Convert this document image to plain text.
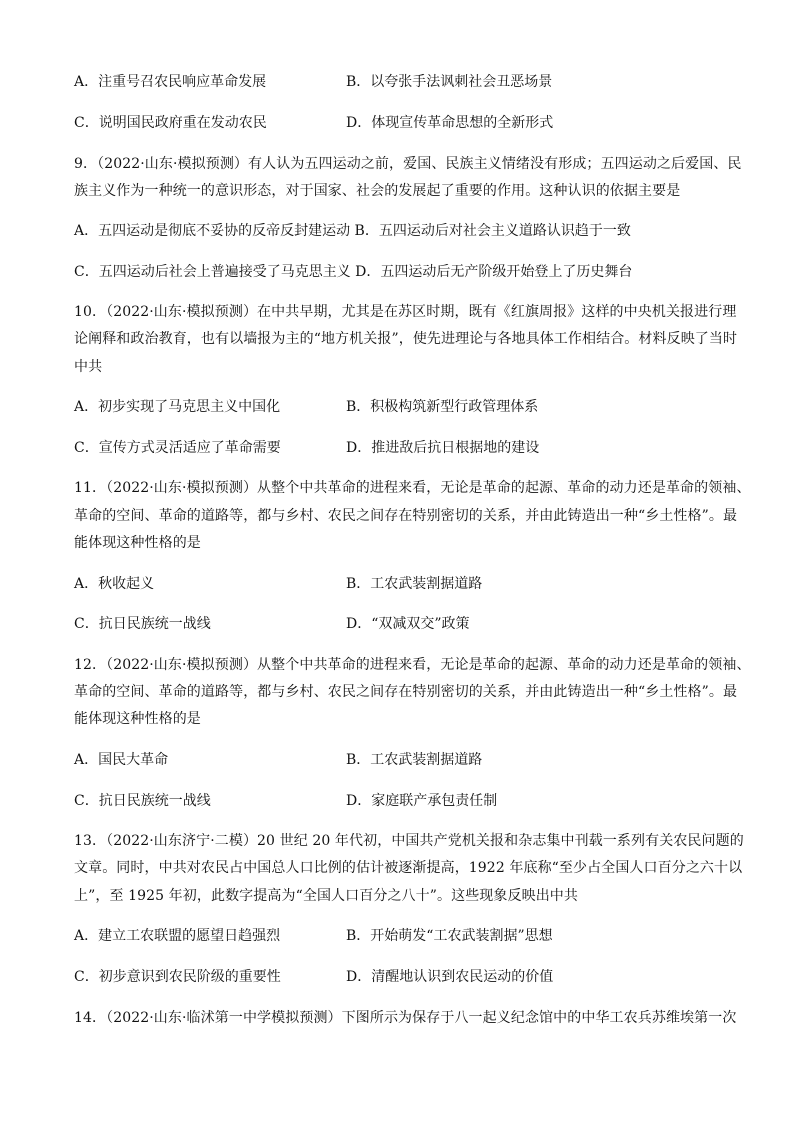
A．注重号召农民响应革命发展	B．以夸张手法讽刺社会丑恶场景
C．说明国民政府重在发动农民	D．体现宣传革命思想的全新形式
9．（2022·山东·模拟预测）有人认为五四运动之前，爱国、民族主义情绪没有形成；五四运动之后爱国、民
族主义作为一种统一的意识形态，对于国家、社会的发展起了重要的作用。这种认识的依据主要是
A．五四运动是彻底不妥协的反帝反封建运动 B．五四运动后对社会主义道路认识趋于一致
C．五四运动后社会上普遍接受了马克思主义 D．五四运动后无产阶级开始登上了历史舞台
10．（2022·山东·模拟预测）在中共早期，尤其是在苏区时期，既有《红旗周报》这样的中央机关报进行理
论阐释和政治教育，也有以墙报为主的“地方机关报”，使先进理论与各地具体工作相结合。材料反映了当时
中共
A．初步实现了马克思主义中国化	B．积极构筑新型行政管理体系
C．宣传方式灵活适应了革命需要	D．推进敌后抗日根据地的建设
11．（2022·山东·模拟预测）从整个中共革命的进程来看，无论是革命的起源、革命的动力还是革命的领袖、
革命的空间、革命的道路等，都与乡村、农民之间存在特别密切的关系，并由此铸造出一种“乡土性格”。最
能体现这种性格的是
A．秋收起义	B．工农武装割据道路
C．抗日民族统一战线	D．“双减双交”政策
12．（2022·山东·模拟预测）从整个中共革命的进程来看，无论是革命的起源、革命的动力还是革命的领袖、
革命的空间、革命的道路等，都与乡村、农民之间存在特别密切的关系，并由此铸造出一种“乡土性格”。最
能体现这种性格的是
A．国民大革命	B．工农武装割据道路
C．抗日民族统一战线	D．家庭联产承包责任制
13．（2022·山东济宁·二模）20 世纪 20 年代初，中国共产党机关报和杂志集中刊载一系列有关农民问题的
文章。同时，中共对农民占中国总人口比例的估计被逐渐提高，1922 年底称“至少占全国人口百分之六十以
上”，至 1925 年初，此数字提高为“全国人口百分之八十”。这些现象反映出中共
A．建立工农联盟的愿望日趋强烈	B．开始萌发“工农武装割据”思想
C．初步意识到农民阶级的重要性	D．清醒地认识到农民运动的价值
14．（2022·山东·临沭第一中学模拟预测）下图所示为保存于八一起义纪念馆中的中华工农兵苏维埃第一次
